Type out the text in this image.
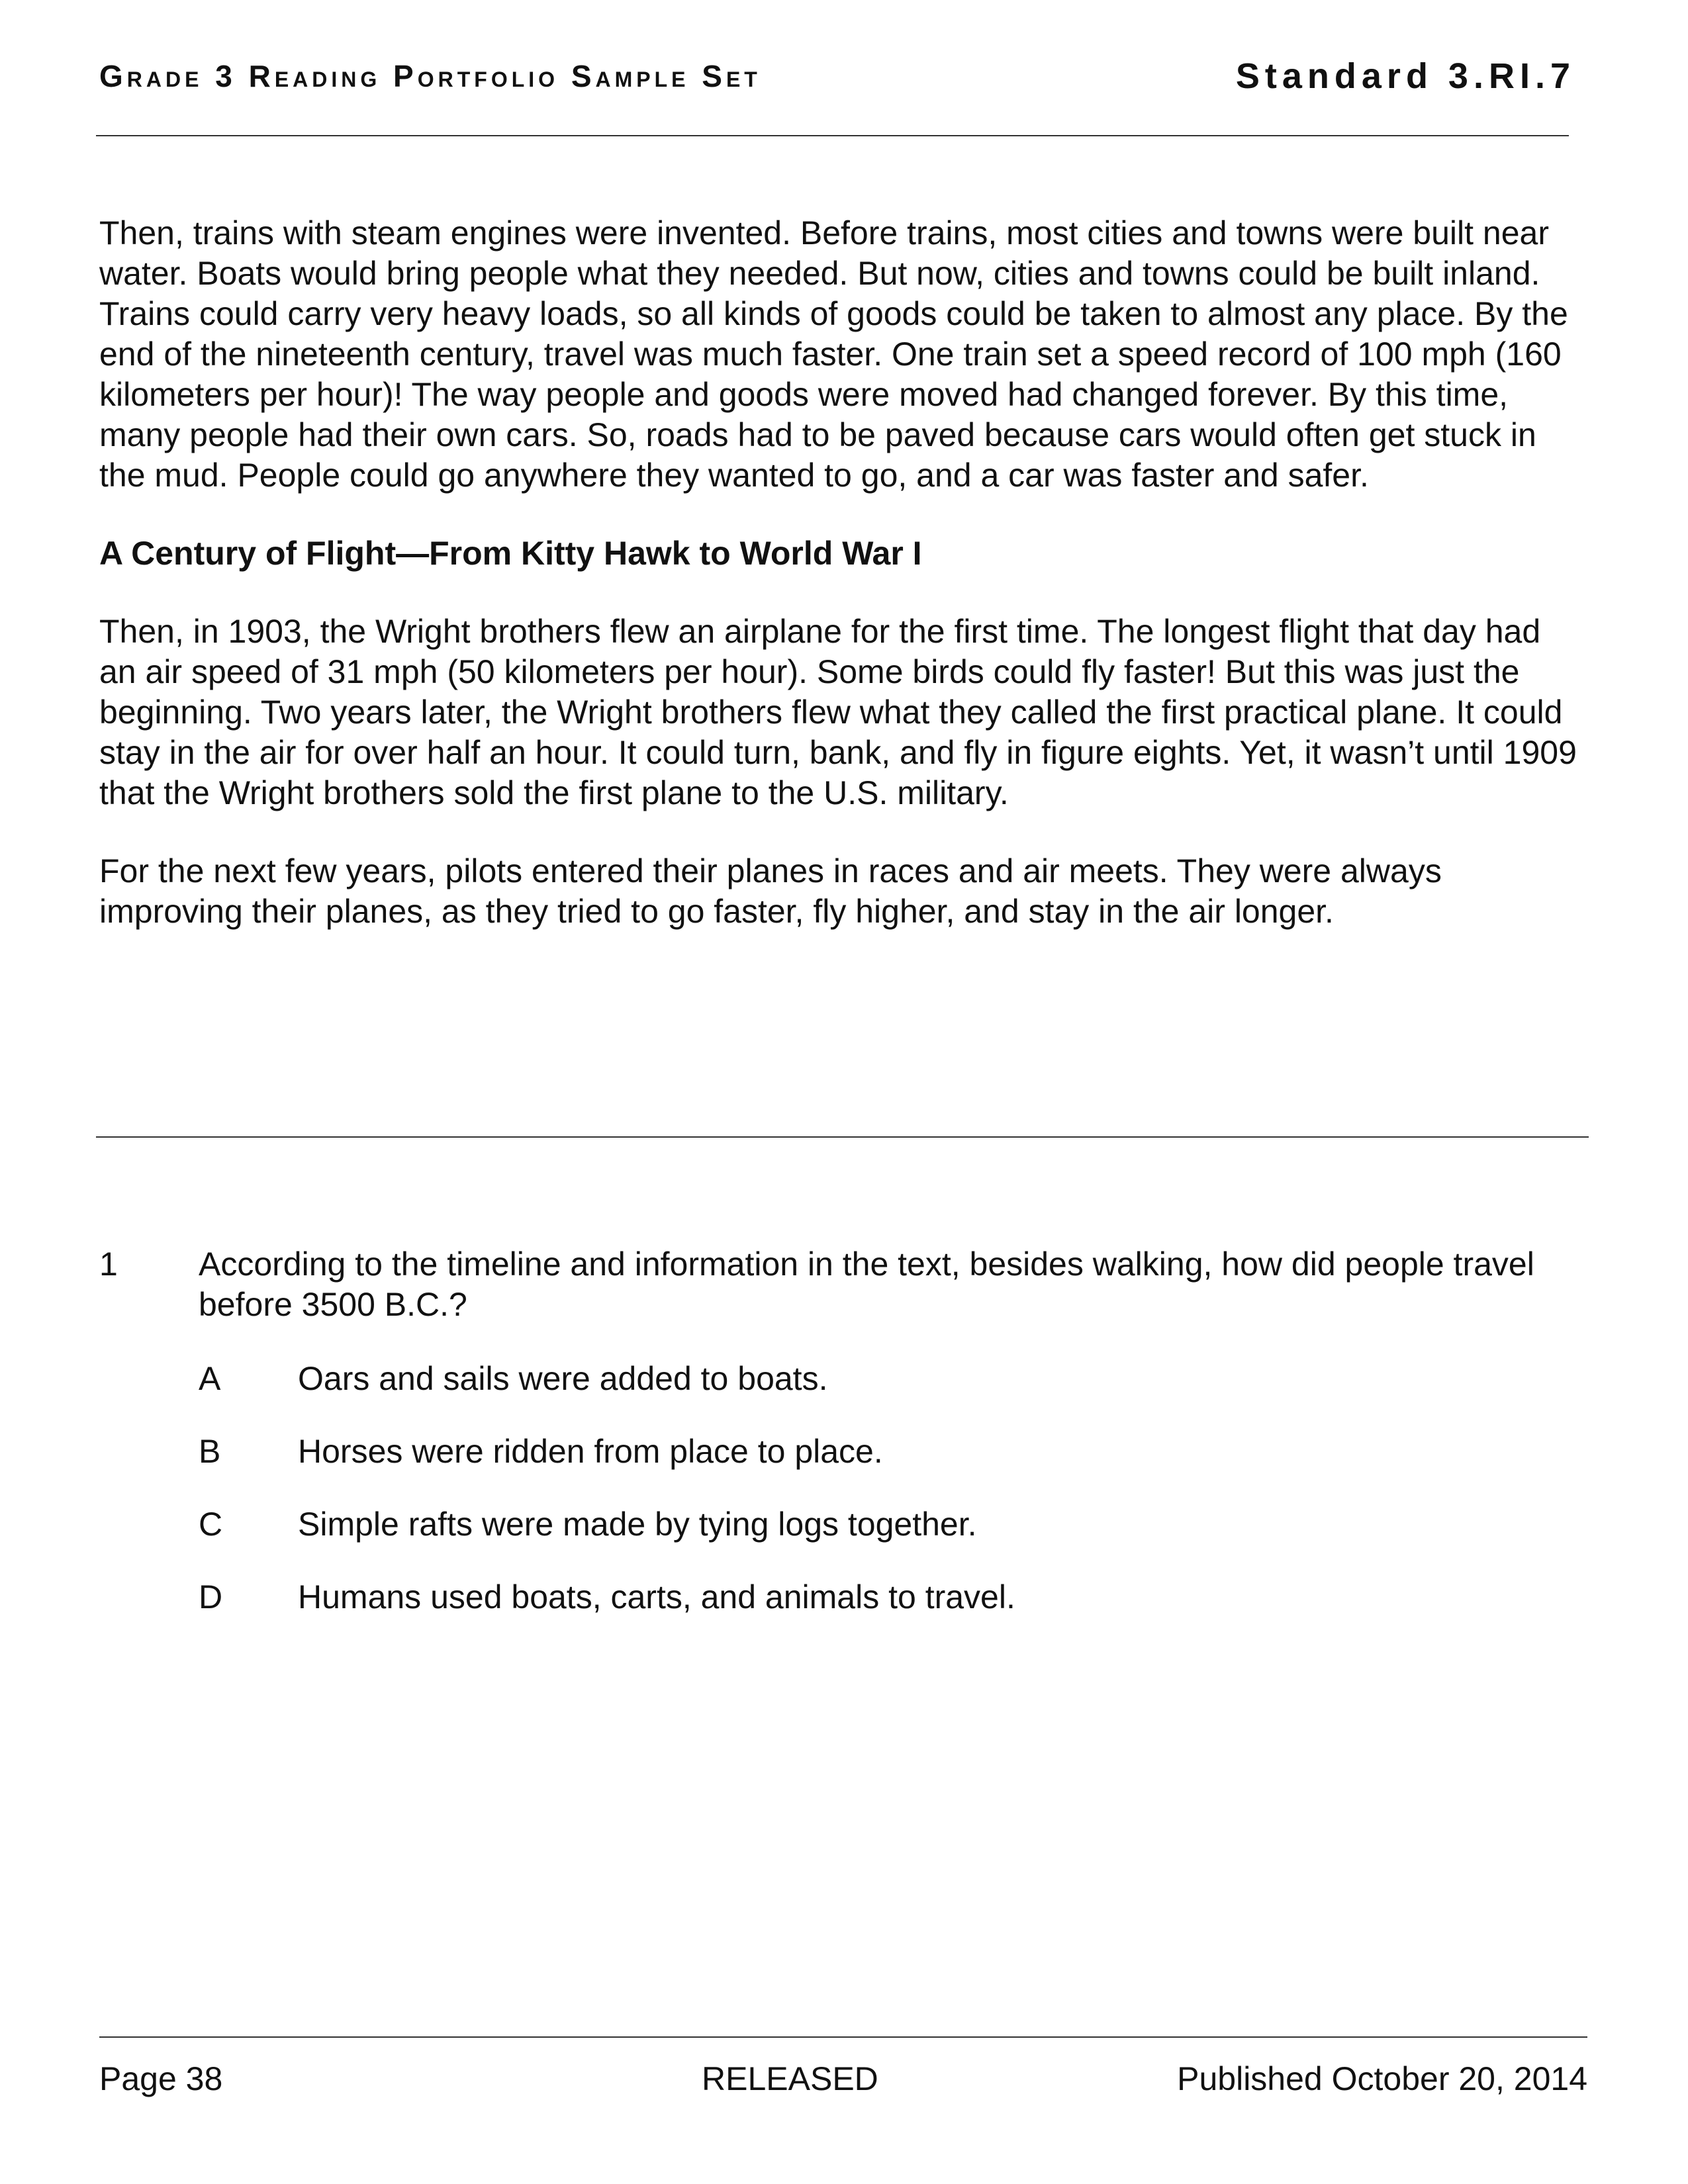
Grade 3 Reading Portfolio Sample Set	Standard 3.RI.7

Then, trains with steam engines were invented. Before trains, most cities and towns were built near water. Boats would bring people what they needed. But now, cities and towns could be built inland. Trains could carry very heavy loads, so all kinds of goods could be taken to almost any place. By the end of the nineteenth century, travel was much faster. One train set a speed record of 100 mph (160 kilometers per hour)! The way people and goods were moved had changed forever. By this time, many people had their own cars. So, roads had to be paved because cars would often get stuck in the mud. People could go anywhere they wanted to go, and a car was faster and safer.

A Century of Flight—From Kitty Hawk to World War I

Then, in 1903, the Wright brothers flew an airplane for the first time. The longest flight that day had an air speed of 31 mph (50 kilometers per hour). Some birds could fly faster! But this was just the beginning. Two years later, the Wright brothers flew what they called the first practical plane. It could stay in the air for over half an hour. It could turn, bank, and fly in figure eights. Yet, it wasn’t until 1909 that the Wright brothers sold the first plane to the U.S. military.

For the next few years, pilots entered their planes in races and air meets. They were always improving their planes, as they tried to go faster, fly higher, and stay in the air longer.

1	According to the timeline and information in the text, besides walking, how did people travel before 3500 B.C.?
A	Oars and sails were added to boats.
B	Horses were ridden from place to place.
C	Simple rafts were made by tying logs together.
D	Humans used boats, carts, and animals to travel.
Page 38	RELEASED	Published October 20, 2014
